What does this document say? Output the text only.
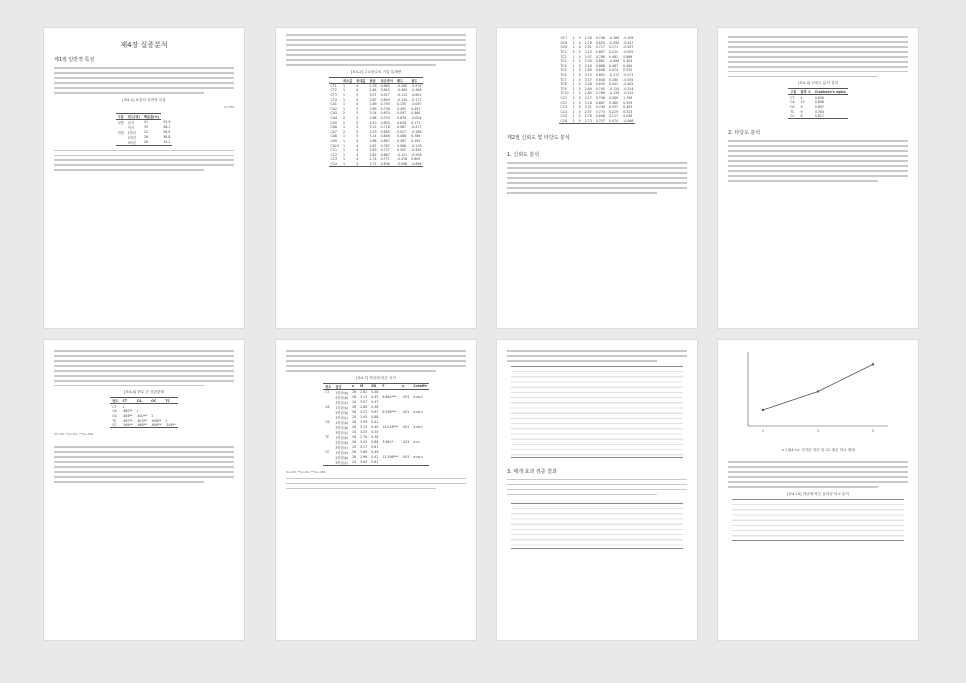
제4장 실증분석
제1절 일반적 특성
[표4-1] 표본의 일반적 특성
(n=76)
구분	빈도(명)	백분율(%)	
성별	남자	41	53.9
	여자	35	46.1
연령	1학년	22	28.9
	2학년	28	36.8
	3학년	26	34.2
[표4-2] 주요변수의 기술 통계량
	최소값	최대값	평균	표준편차	왜도	첨도
CT1	1	4	2.76	0.865	-0.280	-0.576
CT2	1	4	2.84	0.843	-0.464	-0.466
CT3	1	5	3.07	0.917	-0.112	-0.602
CT4	1	4	2.87	0.849	-0.134	-0.717
CA1	1	5	2.89	0.793	0.155	-0.097
CA2	1	5	2.89	0.738	0.492	0.497
CA3	2	5	3.04	0.674	0.597	0.460
CA4	2	5	2.88	0.703	0.876	-0.004
CA5	2	5	3.43	0.805	0.618	0.171
CA6	1	4	3.12	0.718	0.087	-0.477
CA7	2	5	3.23	0.885	0.027	-0.186
CA8	1	5	3.14	0.846	0.468	0.786
CA9	1	4	2.88	0.887	0.487	0.105
CA10	1	4	2.87	0.787	0.066	-0.178
CC1	1	4	2.63	0.737	0.302	-0.264
CC2	1	4	2.82	0.867	-0.121	-0.508
CC3	1	4	2.74	0.771	-0.476	0.604
CC4	1	4	2.71	0.836	-0.096	-0.698
OC7	1	5	2.76	0.748	-0.389	-0.109
OC8	2	4	2.76	0.629	-0.094	-0.547
OC9	2	4	2.91	0.717	0.171	-0.457
TC1	2	5	3.13	0.807	0.122	-0.505
TC2	1	5	3.07	0.786	0.481	0.866
TC3	1	5	3.30	0.861	-0.099	0.304
TC4	1	5	3.16	0.888	0.487	0.464
TC5	1	5	2.89	0.846	0.474	0.970
TC6	1	5	3.15	0.893	-0.117	-0.071
TC7	1	5	3.07	0.848	0.180	-0.055
TC8	1	5	3.26	0.845	0.441	-0.402
TC9	1	5	2.89	0.745	-0.124	-0.254
TC10	1	5	2.85	0.786	-0.135	-0.312
CC1	1	5	3.17	0.748	0.289	1.769
CC2	1	5	3.16	0.687	0.460	0.929
CC3	1	5	3.31	0.749	0.357	0.405
CC4	1	5	2.97	0.773	0.229	0.523
CC5	1	5	2.76	0.648	0.117	0.046
CC6	1	4	2.73	0.707	0.474	-0.486
제2절 신뢰도 및 타당도 분석
1. 신뢰도 분석
[표4-3] 신뢰도 분석 결과
구분	항목 수	Cronbach's alpha
CT	4	0.858
CA	10	0.898
OC	9	0.807
TC	9	0.784
CC	6	0.817
2. 타당도 분석
[표4-4] 변수 간 상관관계
변수	CT	CA	OC	TC
CT	1			
CA	.682**	1		
OC	.846**	.647**	1	
TC	.697**	.815**	.628**	1
CC	.564**	.660**	.608**	.548**
*p<.05, **p<.01, ***p<.001
[표4-7] 학년에 따른 차이
변수	집단	n	M	SD	F	p	Scheffe
CT	1학년(a)	26	2.62	0.48			
	2학년(b)	26	3.13	0.45	9.664***	.001	a<b,c
	3학년(c)	24	3.07	0.47			
CA	1학년(a)	26	2.86	0.38			
	2학년(b)	26	3.27	0.67	9.298***	.001	a<b,c
	3학년(c)	24	3.45	0.68			
OC	1학년(a)	26	2.59	0.41			
	2학년(b)	26	3.13	0.40	14.018***	.001	a<b,c
	3학년(c)	24	3.03	0.44			
TC	1학년(a)	26	2.76	0.38			
	2학년(b)	26	3.03	0.88	3.961*	.023	a<c
	3학년(c)	24	3.17	0.61			
CC	1학년(a)	26	2.66	0.49			
	2학년(b)	26	2.96	0.42	12.398***	.001	a<b,c
	3학년(c)	24	3.40	0.61			
*p<.05, **p<.01, ***p<.001	3. 매개 효과 검증 결과
1	2	3
<그림4-1> 지각된 학년 및 CC 평균 비교 형태
[표4-10] 학년에 따른 효과성 비교 분석
